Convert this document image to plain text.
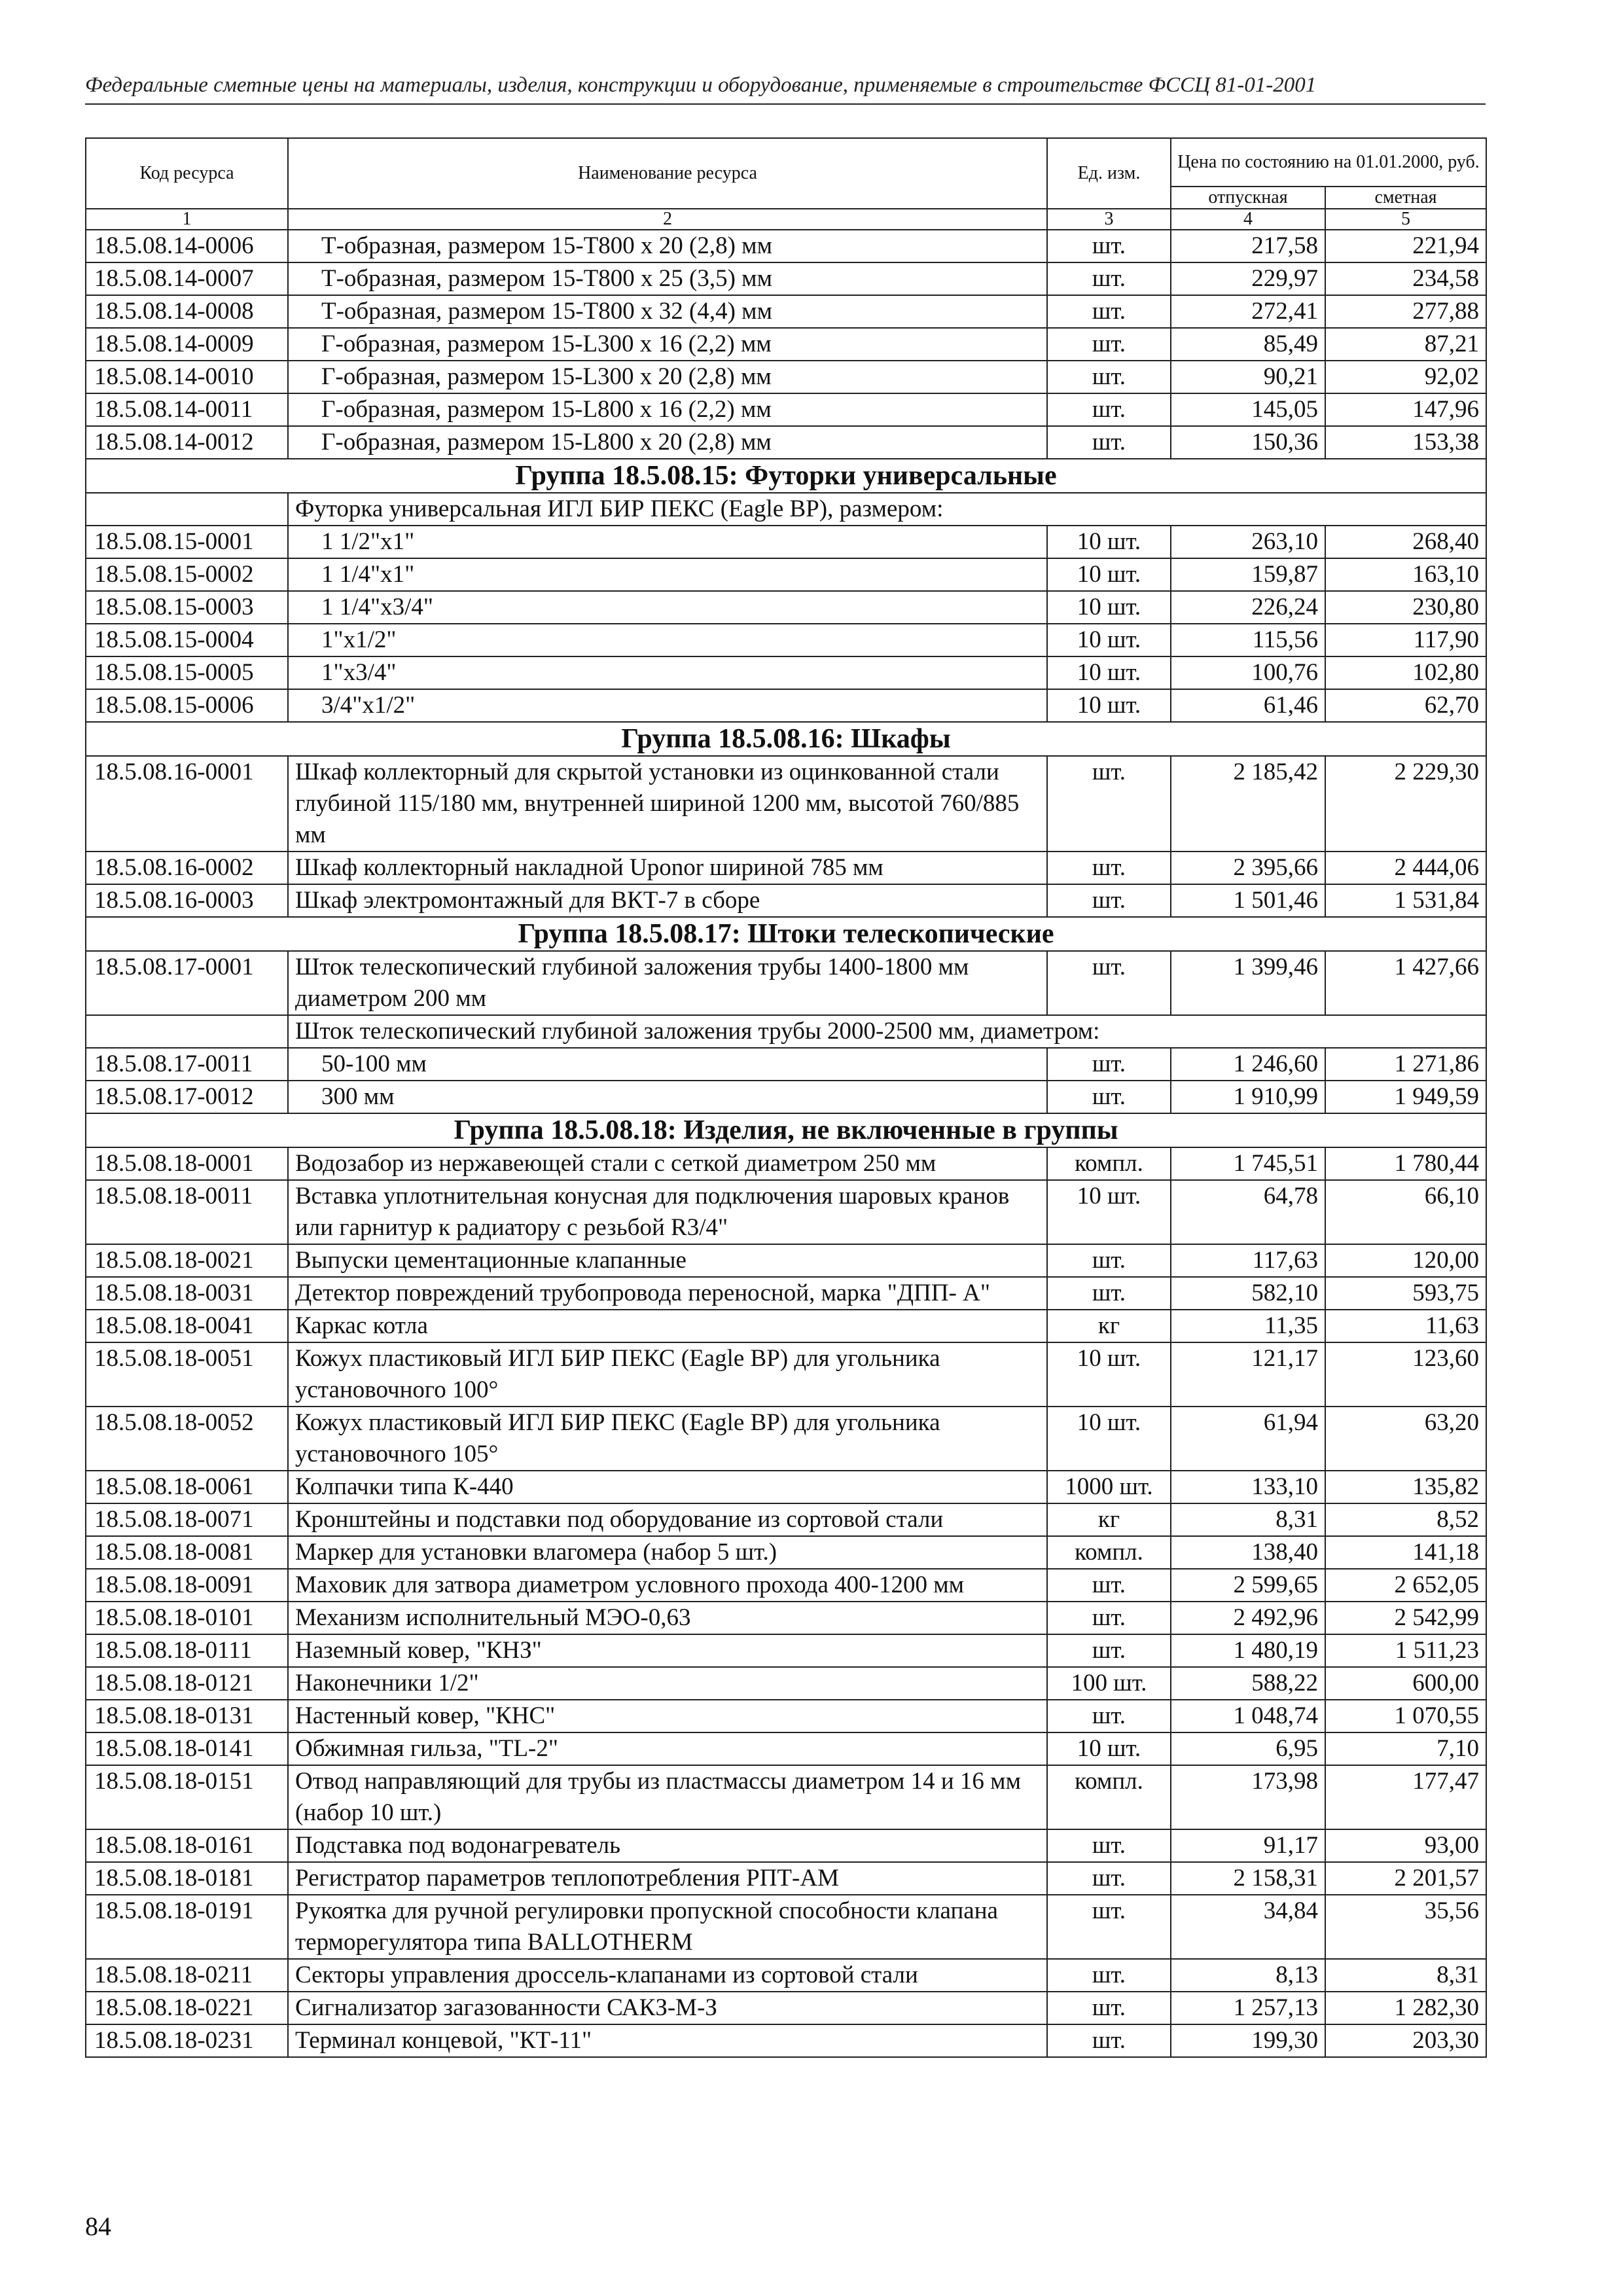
Федеральные сметные цены на материалы, изделия, конструкции и оборудование, применяемые в строительстве ФССЦ 81-01-2001
Код ресурса	Наименование ресурса	Ед. изм.	Цена по состоянию на 01.01.2000, руб.	
			отпускная	сметная
1	2	3	4	5
18.5.08.14-0006	Т-образная, размером 15-Т800 х 20 (2,8) мм	шт.	217,58	221,94
18.5.08.14-0007	Т-образная, размером 15-Т800 х 25 (3,5) мм	шт.	229,97	234,58
18.5.08.14-0008	Т-образная, размером 15-Т800 х 32 (4,4) мм	шт.	272,41	277,88
18.5.08.14-0009	Г-образная, размером 15-L300 х 16 (2,2) мм	шт.	85,49	87,21
18.5.08.14-0010	Г-образная, размером 15-L300 х 20 (2,8) мм	шт.	90,21	92,02
18.5.08.14-0011	Г-образная, размером 15-L800 х 16 (2,2) мм	шт.	145,05	147,96
18.5.08.14-0012	Г-образная, размером 15-L800 х 20 (2,8) мм	шт.	150,36	153,38
Группа 18.5.08.15: Футорки универсальные				
	Футорка универсальная ИГЛ БИР ПЕКС (Eagle BP), размером:			
18.5.08.15-0001	1 1/2"x1"	10 шт.	263,10	268,40
18.5.08.15-0002	1 1/4"x1"	10 шт.	159,87	163,10
18.5.08.15-0003	1 1/4"x3/4"	10 шт.	226,24	230,80
18.5.08.15-0004	1"x1/2"	10 шт.	115,56	117,90
18.5.08.15-0005	1"x3/4"	10 шт.	100,76	102,80
18.5.08.15-0006	3/4"x1/2"	10 шт.	61,46	62,70
Группа 18.5.08.16: Шкафы				
18.5.08.16-0001	Шкаф коллекторный для скрытой установки из оцинкованной стали глубиной 115/180 мм, внутренней шириной 1200 мм, высотой 760/885 мм	шт.	2 185,42	2 229,30
18.5.08.16-0002	Шкаф коллекторный накладной Uponor шириной 785 мм	шт.	2 395,66	2 444,06
18.5.08.16-0003	Шкаф электромонтажный для ВКТ-7 в сборе	шт.	1 501,46	1 531,84
Группа 18.5.08.17: Штоки телескопические				
18.5.08.17-0001	Шток телескопический глубиной заложения трубы 1400-1800 мм диаметром 200 мм	шт.	1 399,46	1 427,66
	Шток телескопический глубиной заложения трубы 2000-2500 мм, диаметром:			
18.5.08.17-0011	50-100 мм	шт.	1 246,60	1 271,86
18.5.08.17-0012	300 мм	шт.	1 910,99	1 949,59
Группа 18.5.08.18: Изделия, не включенные в группы				
18.5.08.18-0001	Водозабор из нержавеющей стали с сеткой диаметром 250 мм	компл.	1 745,51	1 780,44
18.5.08.18-0011	Вставка уплотнительная конусная для подключения шаровых кранов или гарнитур к радиатору с резьбой R3/4"	10 шт.	64,78	66,10
18.5.08.18-0021	Выпуски цементационные клапанные	шт.	117,63	120,00
18.5.08.18-0031	Детектор повреждений трубопровода переносной, марка "ДПП- А"	шт.	582,10	593,75
18.5.08.18-0041	Каркас котла	кг	11,35	11,63
18.5.08.18-0051	Кожух пластиковый ИГЛ БИР ПЕКС (Eagle BP) для угольника установочного 100°	10 шт.	121,17	123,60
18.5.08.18-0052	Кожух пластиковый ИГЛ БИР ПЕКС (Eagle BP) для угольника установочного 105°	10 шт.	61,94	63,20
18.5.08.18-0061	Колпачки типа К-440	1000 шт.	133,10	135,82
18.5.08.18-0071	Кронштейны и подставки под оборудование из сортовой стали	кг	8,31	8,52
18.5.08.18-0081	Маркер для установки влагомера (набор 5 шт.)	компл.	138,40	141,18
18.5.08.18-0091	Маховик для затвора диаметром условного прохода 400-1200 мм	шт.	2 599,65	2 652,05
18.5.08.18-0101	Механизм исполнительный МЭО-0,63	шт.	2 492,96	2 542,99
18.5.08.18-0111	Наземный ковер, "КНЗ"	шт.	1 480,19	1 511,23
18.5.08.18-0121	Наконечники 1/2"	100 шт.	588,22	600,00
18.5.08.18-0131	Настенный ковер, "КНС"	шт.	1 048,74	1 070,55
18.5.08.18-0141	Обжимная гильза, "TL-2"	10 шт.	6,95	7,10
18.5.08.18-0151	Отвод направляющий для трубы из пластмассы диаметром 14 и 16 мм (набор 10 шт.)	компл.	173,98	177,47
18.5.08.18-0161	Подставка под водонагреватель	шт.	91,17	93,00
18.5.08.18-0181	Регистратор параметров теплопотребления РПТ-АМ	шт.	2 158,31	2 201,57
18.5.08.18-0191	Рукоятка для ручной регулировки пропускной способности клапана терморегулятора типа BALLOTHERM	шт.	34,84	35,56
18.5.08.18-0211	Секторы управления дроссель-клапанами из сортовой стали	шт.	8,13	8,31
18.5.08.18-0221	Сигнализатор загазованности САКЗ-М-З	шт.	1 257,13	1 282,30
18.5.08.18-0231	Терминал концевой, "КТ-11"	шт.	199,30	203,30
84
